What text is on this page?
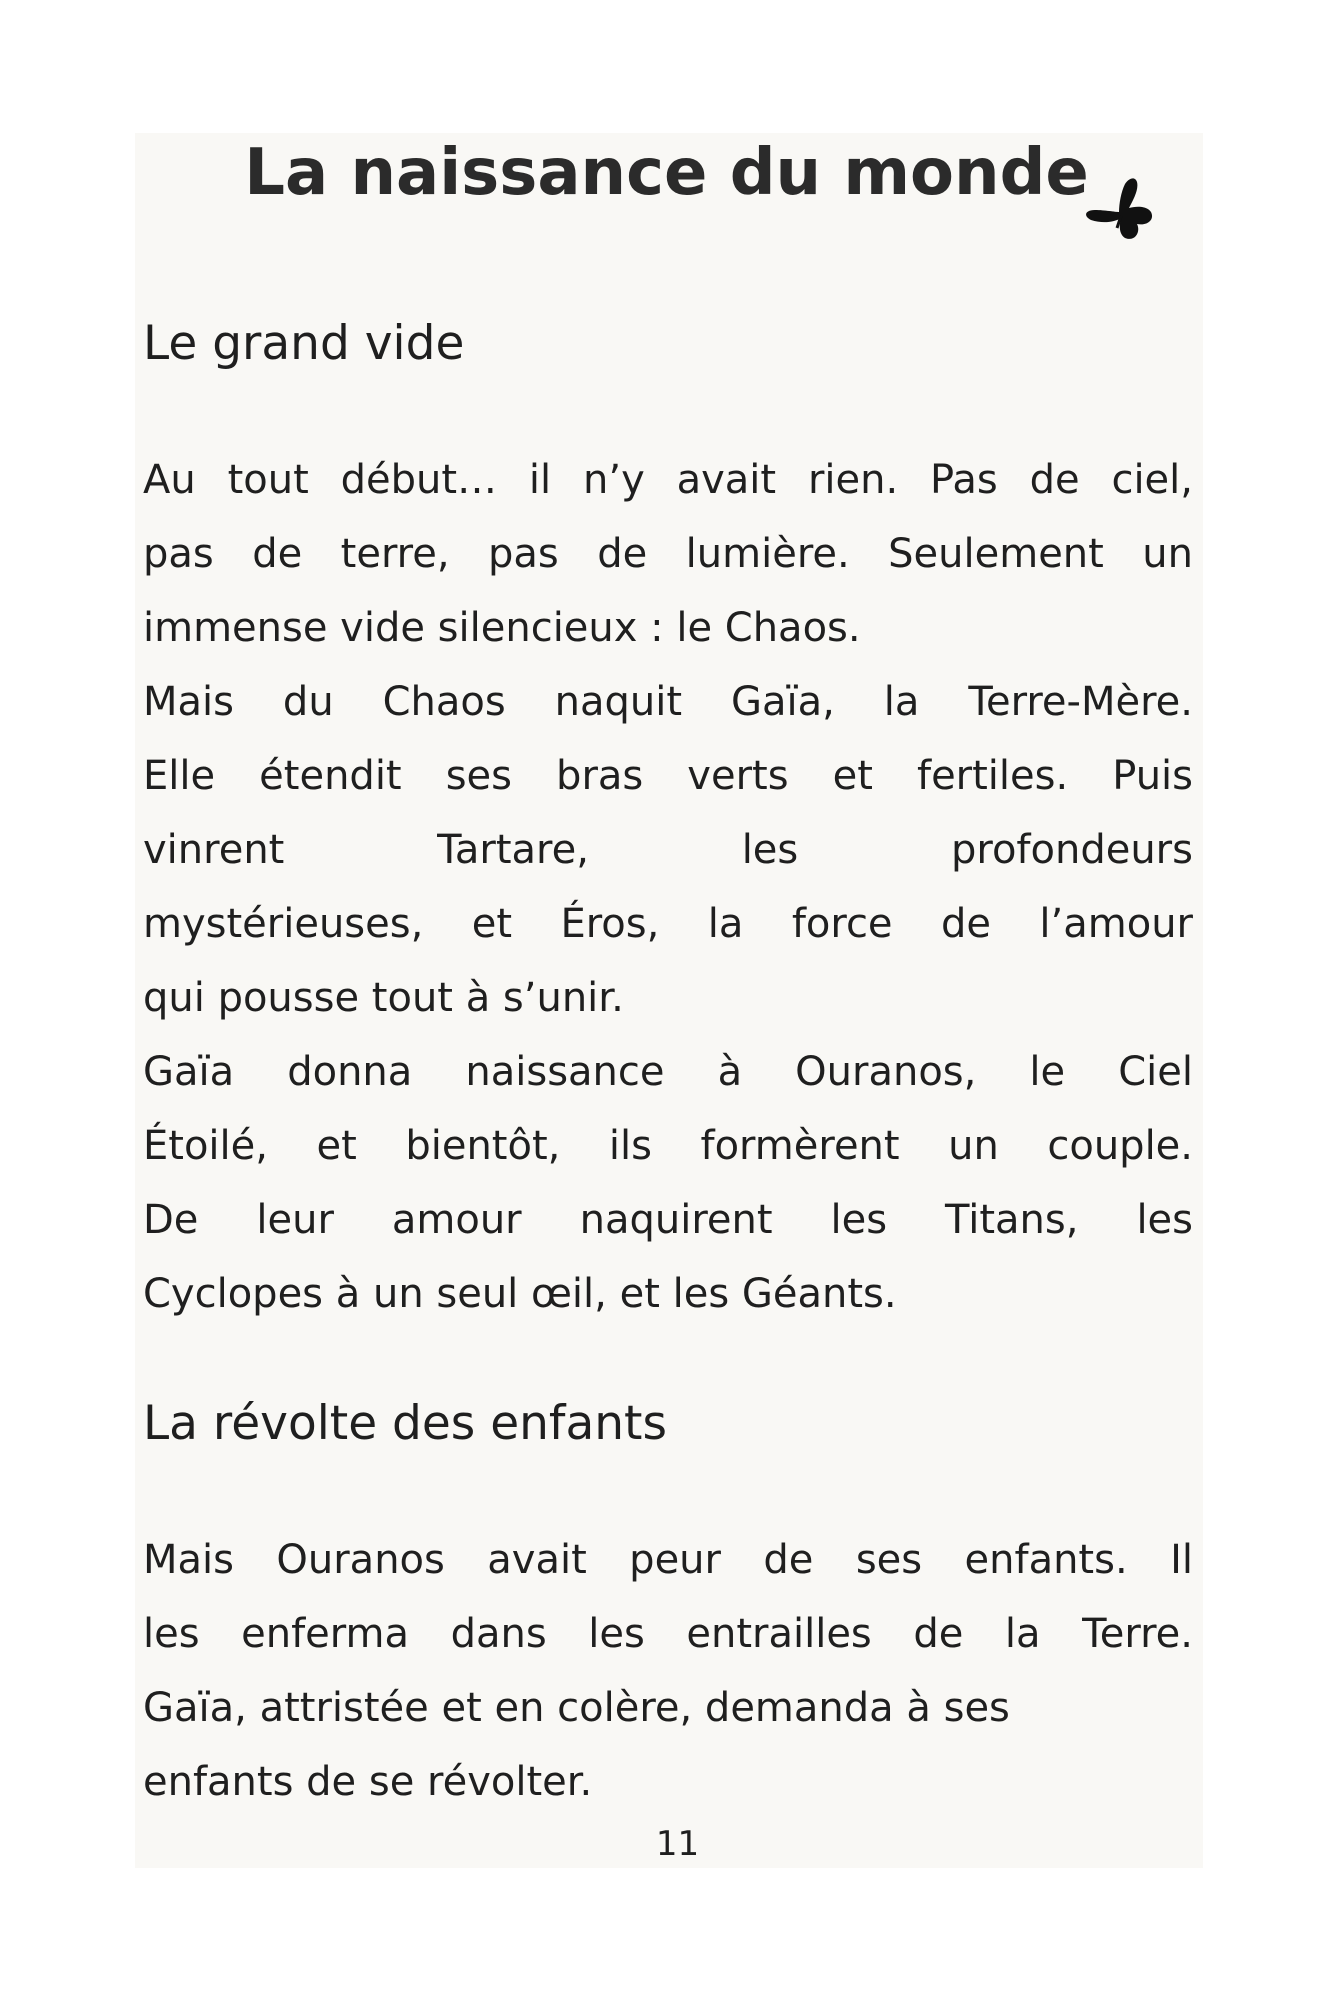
La naissance du monde
Le grand vide
Au tout début… il n’y avait rien. Pas de ciel,
pas de terre, pas de lumière. Seulement un
immense vide silencieux : le Chaos.
Mais du Chaos naquit Gaïa, la Terre-Mère.
Elle étendit ses bras verts et fertiles. Puis
vinrent	Tartare,	les	profondeurs
mystérieuses, et Éros, la force de l’amour
qui pousse tout à s’unir.
Gaïa donna naissance à Ouranos, le Ciel
Étoilé, et bientôt, ils formèrent un couple.
De leur amour naquirent les Titans, les
Cyclopes à un seul œil, et les Géants.
La révolte des enfants
Mais Ouranos avait peur de ses enfants. Il
les enferma dans les entrailles de la Terre.
Gaïa, attristée et en colère, demanda à ses
enfants de se révolter.
11
